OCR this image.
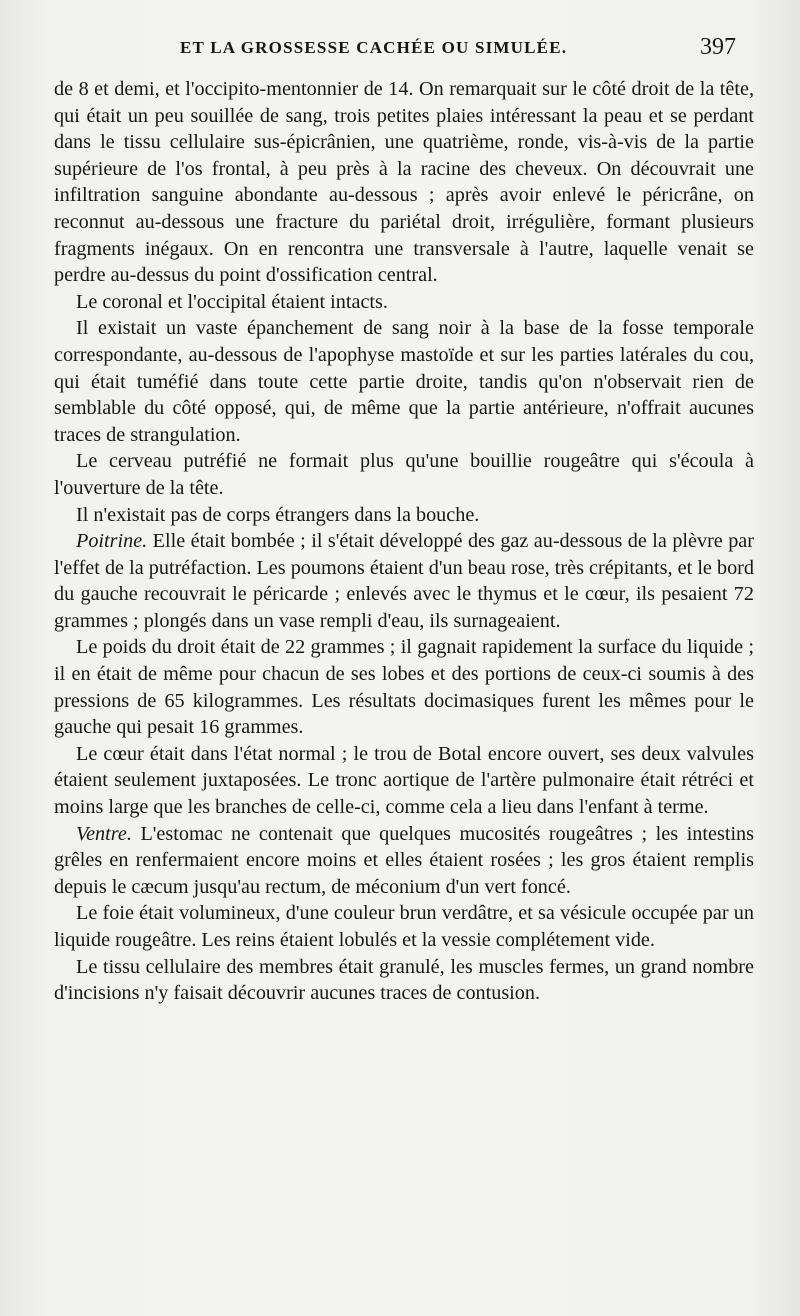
ET LA GROSSESSE CACHÉE OU SIMULÉE.	397

de 8 et demi, et l'occipito-mentonnier de 14. On remarquait sur le côté droit de la tête, qui était un peu souillée de sang, trois petites plaies intéressant la peau et se perdant dans le tissu cellulaire sus-épicrânien, une quatrième, ronde, vis-à-vis de la partie supérieure de l'os frontal, à peu près à la racine des cheveux. On découvrait une infiltration sanguine abondante au-dessous ; après avoir enlevé le péricrâne, on reconnut au-dessous une fracture du pariétal droit, irrégulière, formant plusieurs fragments inégaux. On en rencontra une transversale à l'autre, laquelle venait se perdre au-dessus du point d'ossification central.

Le coronal et l'occipital étaient intacts.

Il existait un vaste épanchement de sang noir à la base de la fosse temporale correspondante, au-dessous de l'apophyse mastoïde et sur les parties latérales du cou, qui était tuméfié dans toute cette partie droite, tandis qu'on n'observait rien de semblable du côté opposé, qui, de même que la partie antérieure, n'offrait aucunes traces de strangulation.

Le cerveau putréfié ne formait plus qu'une bouillie rougeâtre qui s'écoula à l'ouverture de la tête.

Il n'existait pas de corps étrangers dans la bouche.

Poitrine. Elle était bombée ; il s'était développé des gaz au-dessous de la plèvre par l'effet de la putréfaction. Les poumons étaient d'un beau rose, très crépitants, et le bord du gauche recouvrait le péricarde ; enlevés avec le thymus et le cœur, ils pesaient 72 grammes ; plongés dans un vase rempli d'eau, ils surnageaient.

Le poids du droit était de 22 grammes ; il gagnait rapidement la surface du liquide ; il en était de même pour chacun de ses lobes et des portions de ceux-ci soumis à des pressions de 65 kilogrammes. Les résultats docimasiques furent les mêmes pour le gauche qui pesait 16 grammes.

Le cœur était dans l'état normal ; le trou de Botal encore ouvert, ses deux valvules étaient seulement juxtaposées. Le tronc aortique de l'artère pulmonaire était rétréci et moins large que les branches de celle-ci, comme cela a lieu dans l'enfant à terme.

Ventre. L'estomac ne contenait que quelques mucosités rougeâtres ; les intestins grêles en renfermaient encore moins et elles étaient rosées ; les gros étaient remplis depuis le cæcum jusqu'au rectum, de méconium d'un vert foncé.

Le foie était volumineux, d'une couleur brun verdâtre, et sa vésicule occupée par un liquide rougeâtre. Les reins étaient lobulés et la vessie complétement vide.

Le tissu cellulaire des membres était granulé, les muscles fermes, un grand nombre d'incisions n'y faisait découvrir aucunes traces de contusion.
